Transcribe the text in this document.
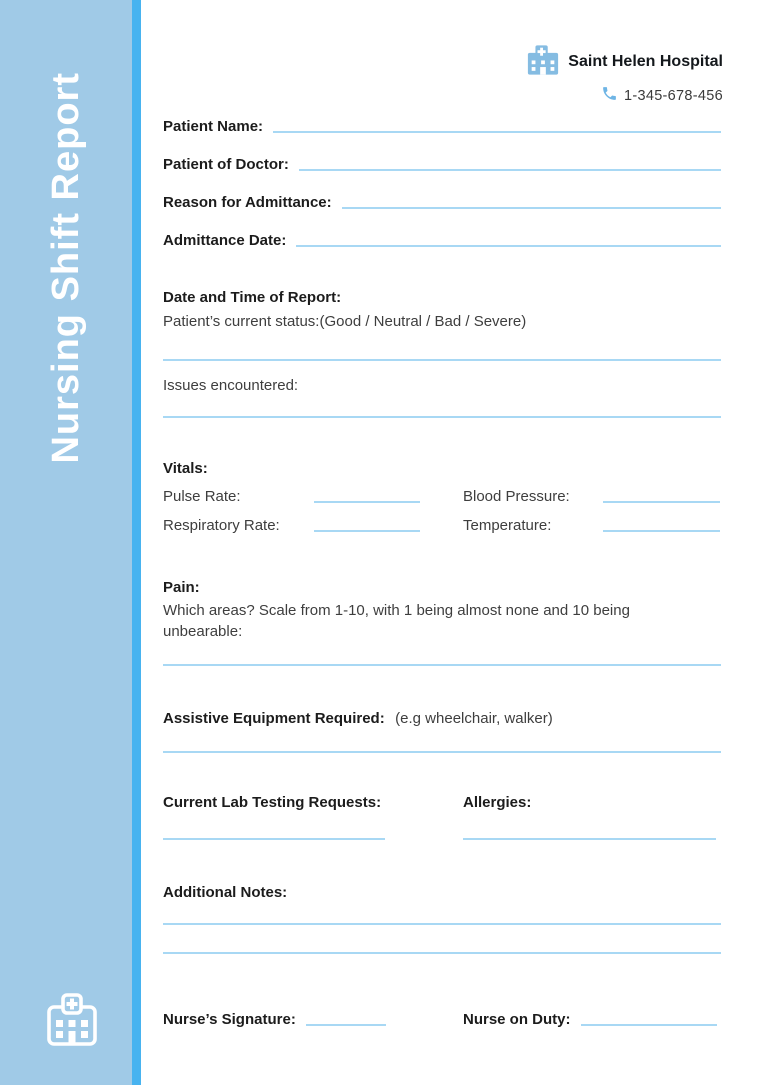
Nursing Shift Report
Saint Helen Hospital
1-345-678-456
Patient Name:
Patient of Doctor:
Reason for Admittance:
Admittance Date:
Date and Time of Report:
Patient’s current status:(Good / Neutral / Bad / Severe)
Issues encountered:
Vitals:
Pulse Rate:	Blood Pressure:
Respiratory Rate:	Temperature:
Pain:
Which areas? Scale from 1-10, with 1 being almost none and 10 being
unbearable:
Assistive Equipment Required: (e.g wheelchair, walker)
Current Lab Testing Requests:	Allergies:
Additional Notes:
Nurse’s Signature:	Nurse on Duty:
